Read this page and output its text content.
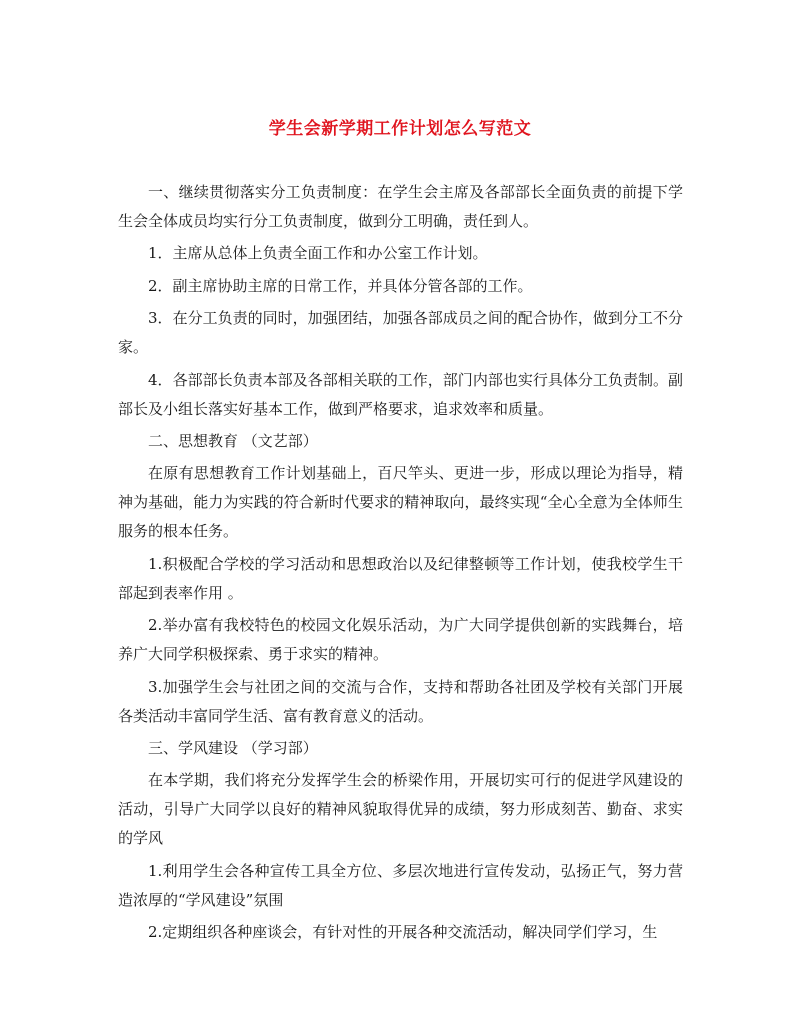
学生会新学期工作计划怎么写范文

一、继续贯彻落实分工负责制度：在学生会主席及各部部长全面负责的前提下学生会全体成员均实行分工负责制度，做到分工明确，责任到人。

1．主席从总体上负责全面工作和办公室工作计划。

2．副主席协助主席的日常工作，并具体分管各部的工作。

3．在分工负责的同时，加强团结，加强各部成员之间的配合协作，做到分工不分家。

4．各部部长负责本部及各部相关联的工作，部门内部也实行具体分工负责制。副部长及小组长落实好基本工作，做到严格要求，追求效率和质量。

二、思想教育 （文艺部）

在原有思想教育工作计划基础上，百尺竿头、更进一步，形成以理论为指导，精神为基础，能力为实践的符合新时代要求的精神取向，最终实现“全心全意为全体师生服务的根本任务。

1.积极配合学校的学习活动和思想政治以及纪律整顿等工作计划，使我校学生干部起到表率作用 。

2.举办富有我校特色的校园文化娱乐活动，为广大同学提供创新的实践舞台，培养广大同学积极探索、勇于求实的精神。

3.加强学生会与社团之间的交流与合作，支持和帮助各社团及学校有关部门开展各类活动丰富同学生活、富有教育意义的活动。

三、学风建设 （学习部）

在本学期，我们将充分发挥学生会的桥梁作用，开展切实可行的促进学风建设的活动，引导广大同学以良好的精神风貌取得优异的成绩，努力形成刻苦、勤奋、求实的学风

1.利用学生会各种宣传工具全方位、多层次地进行宣传发动，弘扬正气，努力营造浓厚的“学风建设”氛围

2.定期组织各种座谈会，有针对性的开展各种交流活动，解决同学们学习，生
